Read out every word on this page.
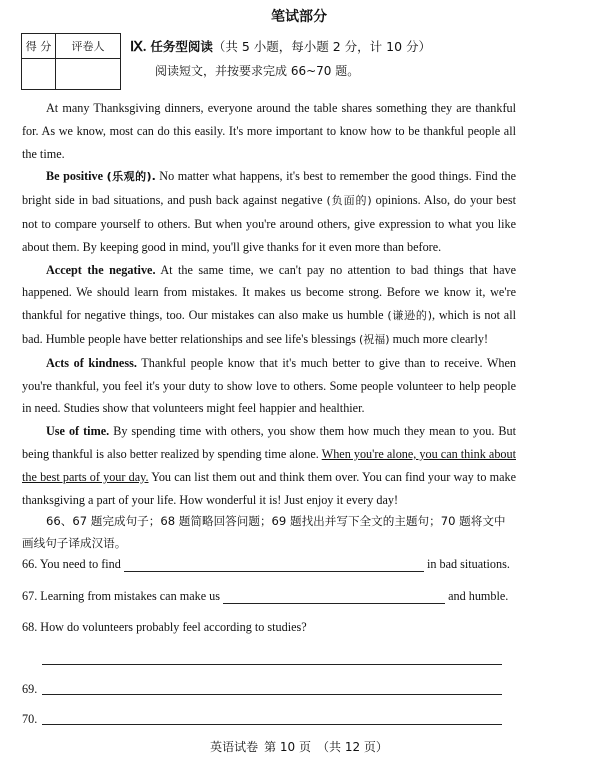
笔试部分
得 分	评卷人
	Ⅸ. 任务型阅读（共 5 小题，每小题 2 分，计 10 分）
阅读短文，并按要求完成 66~70 题。

At many Thanksgiving dinners, everyone around the table shares something they are thankful for. As we know, most can do this easily. It's more important to know how to be thankful people all the time.

Be positive (乐观的). No matter what happens, it's best to remember the good things. Find the bright side in bad situations, and push back against negative (负面的) opinions. Also, do your best not to compare yourself to others. But when you're around others, give expression to what you like about them. By keeping good in mind, you'll give thanks for it even more than before.

Accept the negative. At the same time, we can't pay no attention to bad things that have happened. We should learn from mistakes. It makes us become strong. Before we know it, we're thankful for negative things, too. Our mistakes can also make us humble (谦逊的), which is not all bad. Humble people have better relationships and see life's blessings (祝福) much more clearly!

Acts of kindness. Thankful people know that it's much better to give than to receive. When you're thankful, you feel it's your duty to show love to others. Some people volunteer to help people in need. Studies show that volunteers might feel happier and healthier.

Use of time. By spending time with others, you show them how much they mean to you. But being thankful is also better realized by spending time alone. When you're alone, you can think about the best parts of your day. You can list them out and think them over. You can find your way to make thanksgiving a part of your life. How wonderful it is! Just enjoy it every day!

66、67 题完成句子；68 题简略回答问题；69 题找出并写下全文的主题句；70 题将文中画线句子译成汉语。
66. You need to find	in bad situations.
67. Learning from mistakes can make us	and humble.
68. How do volunteers probably feel according to studies?
69.
70.
英语试卷 第 10 页 （共 12 页）
